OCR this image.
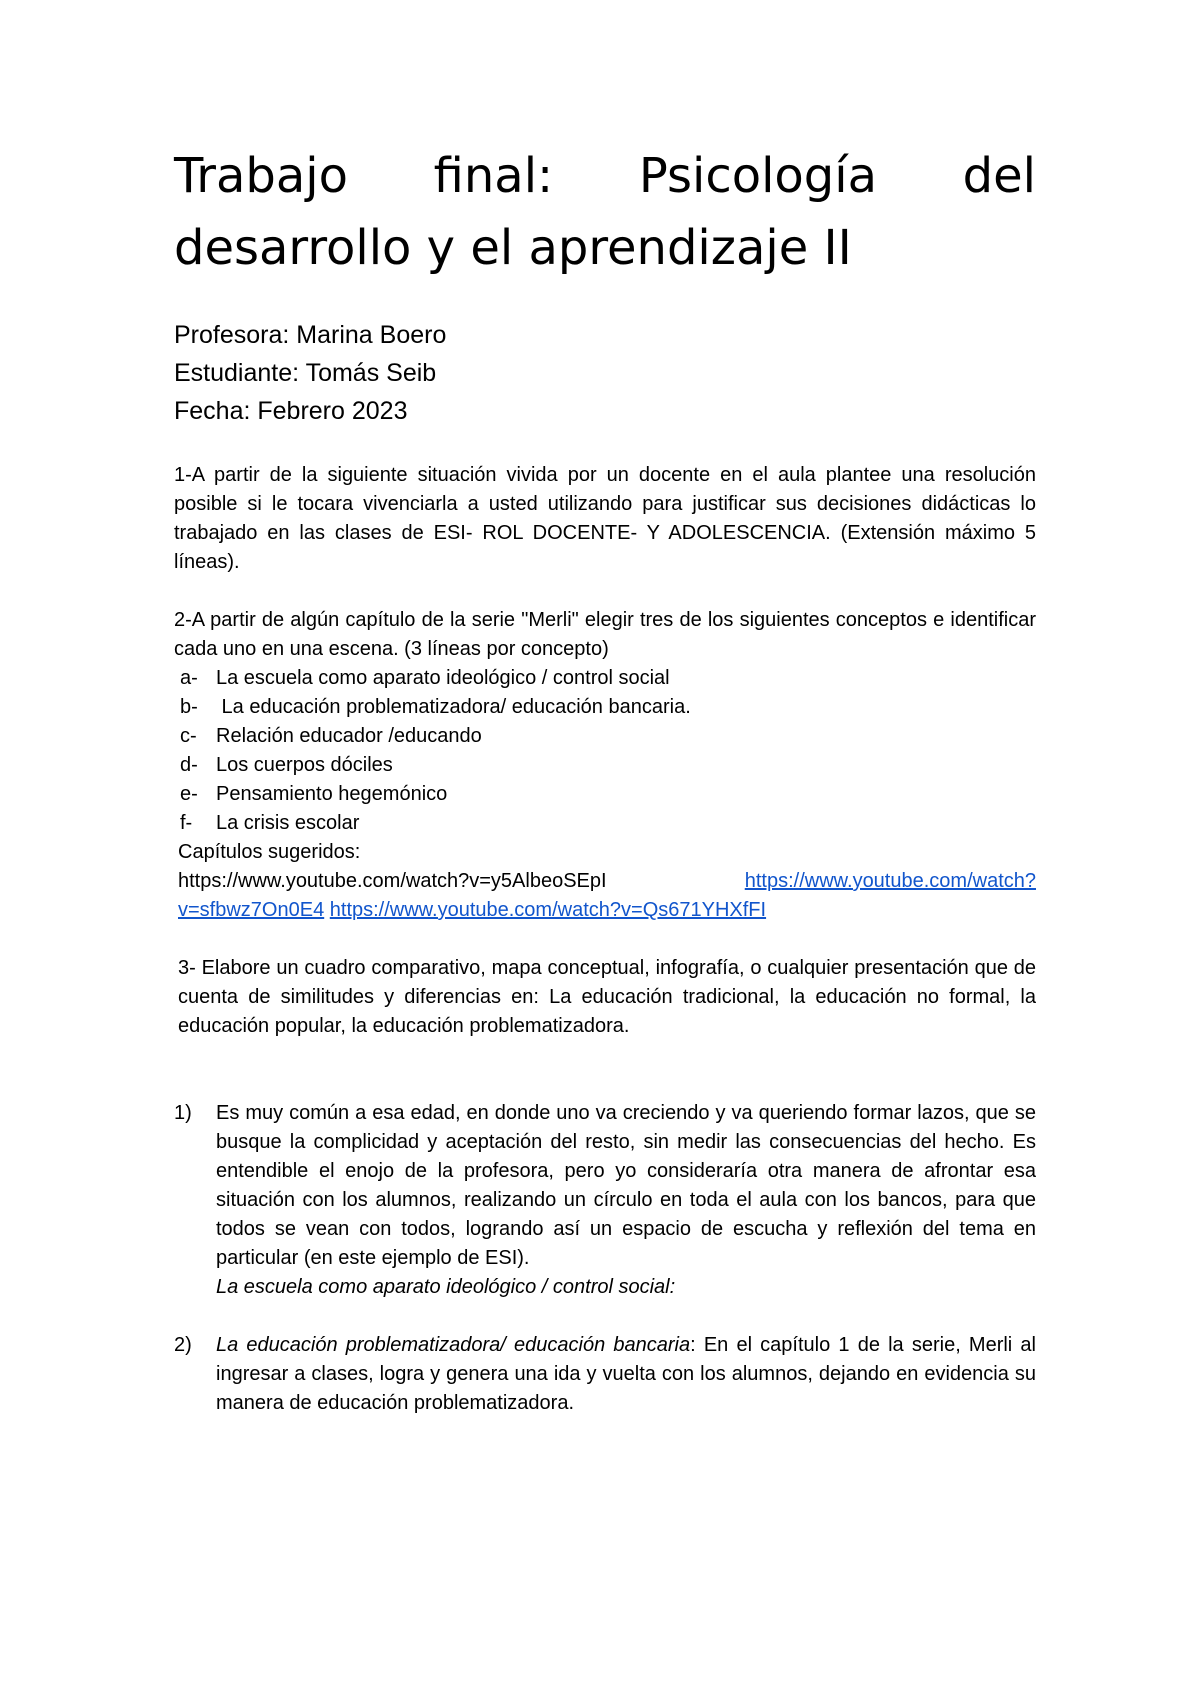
Trabajo final: Psicología del desarrollo y el aprendizaje II
Profesora: Marina Boero
Estudiante: Tomás Seib
Fecha: Febrero 2023

1-A partir de la siguiente situación vivida por un docente en el aula plantee una resolución posible si le tocara vivenciarla a usted utilizando para justificar sus decisiones didácticas lo trabajado en las clases de ESI- ROL DOCENTE- Y ADOLESCENCIA. (Extensión máximo 5 líneas).

2-A partir de algún capítulo de la serie "Merli" elegir tres de los siguientes conceptos e identificar cada uno en una escena. (3 líneas por concepto)

a- La escuela como aparato ideológico / control social
b- La educación problematizadora/ educación bancaria.
c- Relación educador /educando
d- Los cuerpos dóciles
e- Pensamiento hegemónico
f-	La crisis escolar
Capítulos sugeridos:
https://www.youtube.com/watch?v=y5AlbeoSEpI	https://www.youtube.com/watch?
v=sfbwz7On0E4 https://www.youtube.com/watch?v=Qs671YHXfFI

3- Elabore un cuadro comparativo, mapa conceptual, infografía, o cualquier presentación que de cuenta de similitudes y diferencias en: La educación tradicional, la educación no formal, la educación popular, la educación problematizadora.

1)	Es muy común a esa edad, en donde uno va creciendo y va queriendo formar lazos, que se busque la complicidad y aceptación del resto, sin medir las consecuencias del hecho. Es entendible el enojo de la profesora, pero yo consideraría otra manera de afrontar esa situación con los alumnos, realizando un círculo en toda el aula con los bancos, para que todos se vean con todos, logrando así un espacio de escucha y reflexión del tema en particular (en este ejemplo de ESI).
La escuela como aparato ideológico / control social:
2)	La educación problematizadora/ educación bancaria: En el capítulo 1 de la serie, Merli al ingresar a clases, logra y genera una ida y vuelta con los alumnos, dejando en evidencia su manera de educación problematizadora.
